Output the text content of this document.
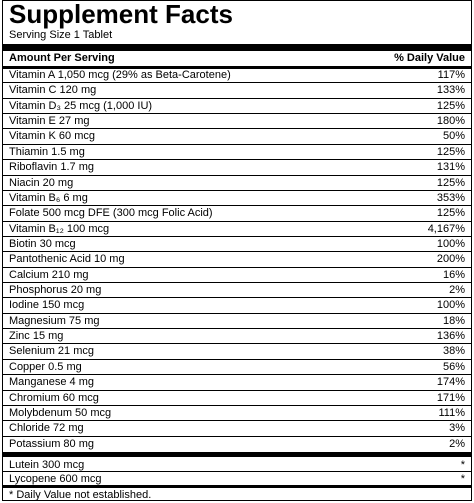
Supplement Facts
Serving Size 1 Tablet
Amount Per Serving	% Daily Value
Vitamin A 1,050 mcg (29% as Beta-Carotene)	117%
Vitamin C 120 mg	133%
Vitamin D₃ 25 mcg (1,000 IU)	125%
Vitamin E 27 mg	180%
Vitamin K 60 mcg	50%
Thiamin 1.5 mg	125%
Riboflavin 1.7 mg	131%
Niacin 20 mg	125%
Vitamin B₆ 6 mg	353%
Folate 500 mcg DFE (300 mcg Folic Acid)	125%
Vitamin B₁₂ 100 mcg	4,167%
Biotin 30 mcg	100%
Pantothenic Acid 10 mg	200%
Calcium 210 mg	16%
Phosphorus 20 mg	2%
Iodine 150 mcg	100%
Magnesium 75 mg	18%
Zinc 15 mg	136%
Selenium 21 mcg	38%
Copper 0.5 mg	56%
Manganese 4 mg	174%
Chromium 60 mcg	171%
Molybdenum 50 mcg	111%
Chloride 72 mg	3%
Potassium 80 mg	2%
Lutein 300 mcg	*
Lycopene 600 mcg	*
* Daily Value not established.
